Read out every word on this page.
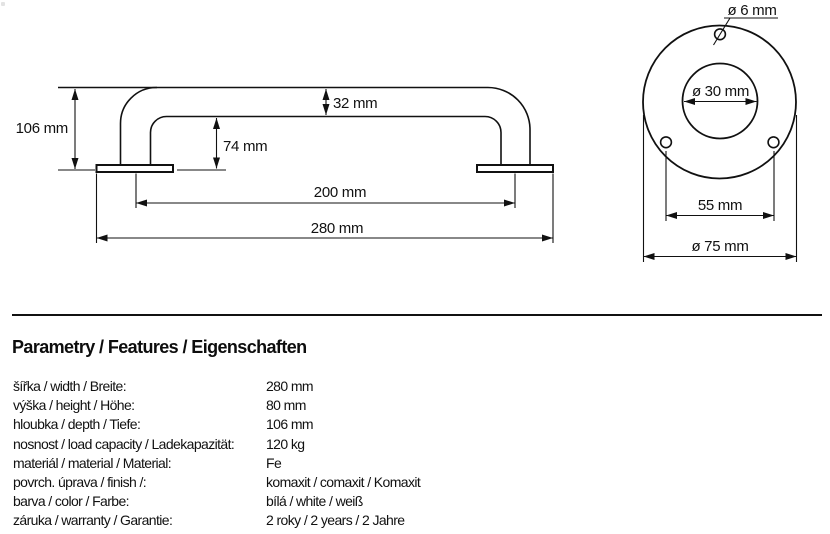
106 mm
32 mm
74 mm
200 mm
280 mm
ø 6 mm
ø 30 mm
55 mm
ø 75 mm
Parametry / Features / Eigenschaften
šířka / width / Breite:	280 mm
výška / height / Höhe:	80 mm
hloubka / depth / Tiefe:	106 mm
nosnost / load capacity / Ladekapazität:	120 kg
materiál / material / Material:	Fe
povrch. úprava / finish /:	komaxit / comaxit / Komaxit
barva / color / Farbe:	bílá / white / weiß
záruka / warranty / Garantie:	2 roky / 2 years / 2 Jahre
